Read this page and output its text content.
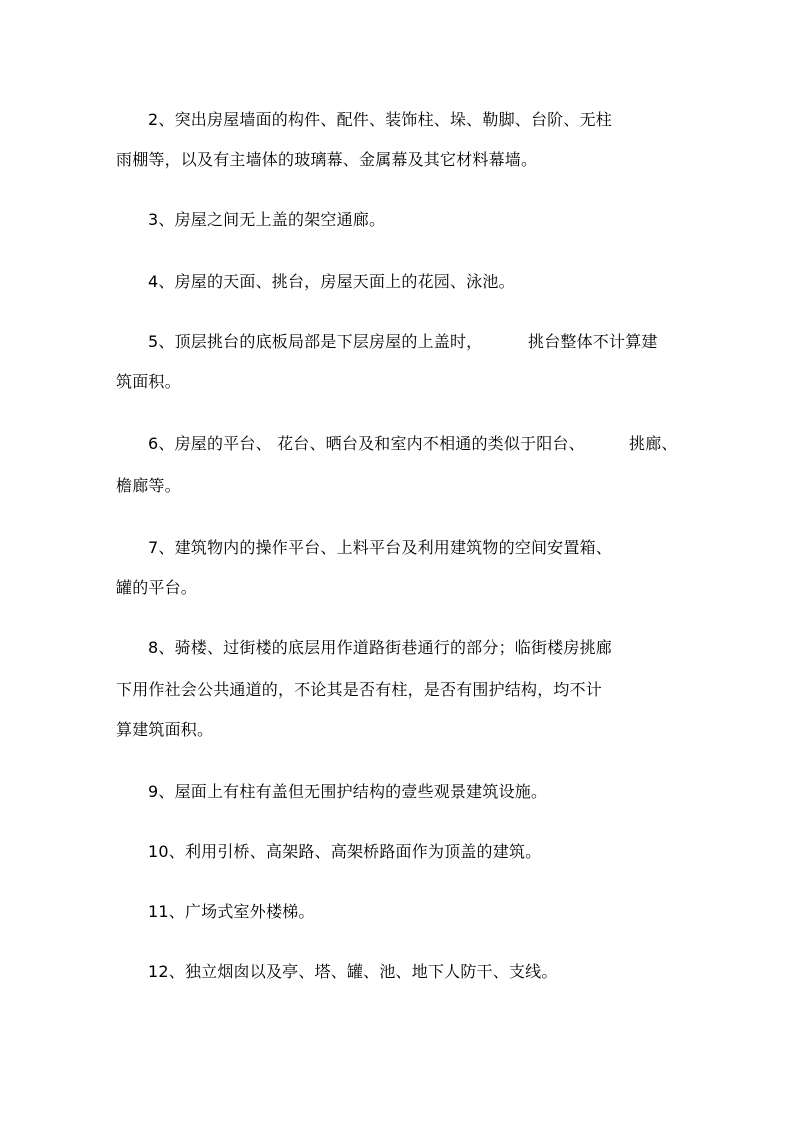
2、突出房屋墙面的构件、配件、装饰柱、垛、勒脚、台阶、无柱
雨棚等，以及有主墙体的玻璃幕、金属幕及其它材料幕墙。
3、房屋之间无上盖的架空通廊。
4、房屋的天面、挑台，房屋天面上的花园、泳池。
5、顶层挑台的底板局部是下层房屋的上盖时，	挑台整体不计算建
筑面积。
6、房屋的平台、 花台、晒台及和室内不相通的类似于阳台、	挑廊、
檐廊等。
7、建筑物内的操作平台、上料平台及利用建筑物的空间安置箱、
罐的平台。
8、骑楼、过街楼的底层用作道路街巷通行的部分；临街楼房挑廊
下用作社会公共通道的，不论其是否有柱，是否有围护结构，均不计
算建筑面积。
9、屋面上有柱有盖但无围护结构的壹些观景建筑设施。
10、利用引桥、高架路、高架桥路面作为顶盖的建筑。
11、广场式室外楼梯。
12、独立烟囱以及亭、塔、罐、池、地下人防干、支线。
